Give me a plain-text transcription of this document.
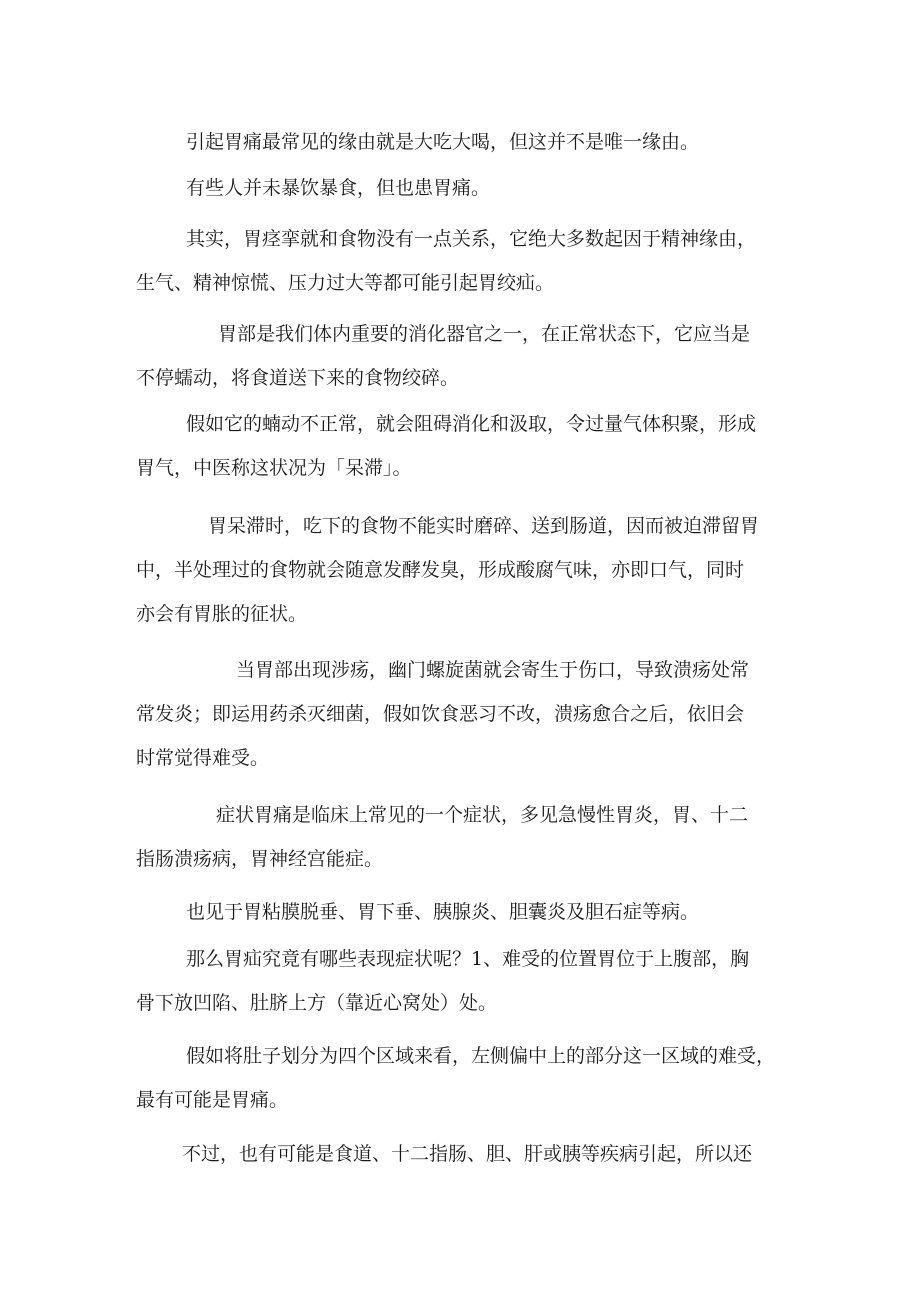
引起胃痛最常见的缘由就是大吃大喝，但这并不是唯一缘由。
有些人并未暴饮暴食，但也患胃痛。
其实，胃痉挛就和食物没有一点关系，它绝大多数起因于精神缘由，
生气、精神惊慌、压力过大等都可能引起胃绞疝。
胃部是我们体内重要的消化器官之一，在正常状态下，它应当是
不停蠕动，将食道送下来的食物绞碎。
假如它的蝻动不正常，就会阻碍消化和汲取，令过量气体积聚，形成
胃气，中医称这状况为「呆滞」。
胃呆滞时，吃下的食物不能实时磨碎、送到肠道，因而被迫滞留胃
中，半处理过的食物就会随意发酵发臭，形成酸腐气味，亦即口气，同时
亦会有胃胀的征状。
当胃部出现涉疡，幽门螺旋菌就会寄生于伤口，导致溃疡处常
常发炎；即运用药杀灭细菌，假如饮食恶习不改，溃疡愈合之后，依旧会
时常觉得难受。
症状胃痛是临床上常见的一个症状，多见急慢性胃炎，胃、十二
指肠溃疡病，胃神经宫能症。
也见于胃粘膜脱垂、胃下垂、胰腺炎、胆囊炎及胆石症等病。
那么胃疝究竟有哪些表现症状呢？1、难受的位置胃位于上腹部，胸
骨下放凹陷、肚脐上方（靠近心窝处）处。
假如将肚子划分为四个区域来看，左侧偏中上的部分这一区域的难受，
最有可能是胃痛。
不过，也有可能是食道、十二指肠、胆、肝或胰等疾病引起，所以还
